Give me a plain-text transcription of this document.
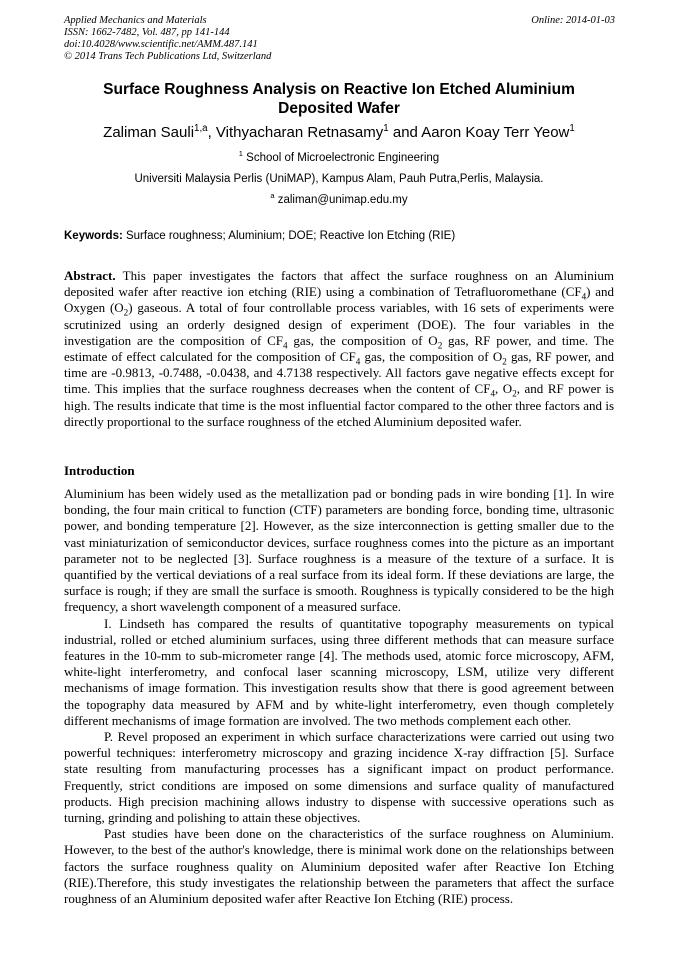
Applied Mechanics and Materials
ISSN: 1662-7482, Vol. 487, pp 141-144
doi:10.4028/www.scientific.net/AMM.487.141
© 2014 Trans Tech Publications Ltd, Switzerland
Online: 2014-01-03
Surface Roughness Analysis on Reactive Ion Etched Aluminium Deposited Wafer
Zaliman Sauli$^{1,a}$, Vithyacharan Retnasamy$^1$ and Aaron Koay Terr Yeow$^1$
$^1$ School of Microelectronic Engineering
Universiti Malaysia Perlis (UniMAP), Kampus Alam, Pauh Putra,Perlis, Malaysia.
$^a$ zaliman@unimap.edu.my
Keywords: Surface roughness; Aluminium; DOE; Reactive Ion Etching (RIE)
Abstract. This paper investigates the factors that affect the surface roughness on an Aluminium deposited wafer after reactive ion etching (RIE) using a combination of Tetrafluoromethane $(CF_4)$ and Oxygen $(O_2)$ gaseous. A total of four controllable process variables, with 16 sets of experiments were scrutinized using an orderly designed design of experiment (DOE). The four variables in the investigation are the composition of $CF_4$ gas, the composition of $O_2$ gas, RF power, and time. The estimate of effect calculated for the composition of $CF_4$ gas, the composition of $O_2$ gas, RF power, and time are -0.9813, -0.7488, -0.0438, and 4.7138 respectively. All factors gave negative effects except for time. This implies that the surface roughness decreases when the content of $CF_4$, $O_2$, and RF power is high. The results indicate that time is the most influential factor compared to the other three factors and is directly proportional to the surface roughness of the etched Aluminium deposited wafer.
Introduction

Aluminium has been widely used as the metallization pad or bonding pads in wire bonding [1]. In wire bonding, the four main critical to function (CTF) parameters are bonding force, bonding time, ultrasonic power, and bonding temperature [2]. However, as the size interconnection is getting smaller due to the vast miniaturization of semiconductor devices, surface roughness comes into the picture as an important parameter not to be neglected [3]. Surface roughness is a measure of the texture of a surface. It is quantified by the vertical deviations of a real surface from its ideal form. If these deviations are large, the surface is rough; if they are small the surface is smooth. Roughness is typically considered to be the high frequency, a short wavelength component of a measured surface.

I. Lindseth has compared the results of quantitative topography measurements on typical industrial, rolled or etched aluminium surfaces, using three different methods that can measure surface features in the 10-mm to sub-micrometer range [4]. The methods used, atomic force microscopy, AFM, white-light interferometry, and confocal laser scanning microscopy, LSM, utilize very different mechanisms of image formation. This investigation results show that there is good agreement between the topography data measured by AFM and by white-light interferometry, even though completely different mechanisms of image formation are involved. The two methods complement each other.

P. Revel proposed an experiment in which surface characterizations were carried out using two powerful techniques: interferometry microscopy and grazing incidence X-ray diffraction [5]. Surface state resulting from manufacturing processes has a significant impact on product performance. Frequently, strict conditions are imposed on some dimensions and surface quality of manufactured products. High precision machining allows industry to dispense with successive operations such as turning, grinding and polishing to attain these objectives.

Past studies have been done on the characteristics of the surface roughness on Aluminium. However, to the best of the author's knowledge, there is minimal work done on the relationships between factors the surface roughness quality on Aluminium deposited wafer after Reactive Ion Etching (RIE).Therefore, this study investigates the relationship between the parameters that affect the surface roughness of an Aluminium deposited wafer after Reactive Ion Etching (RIE) process.
